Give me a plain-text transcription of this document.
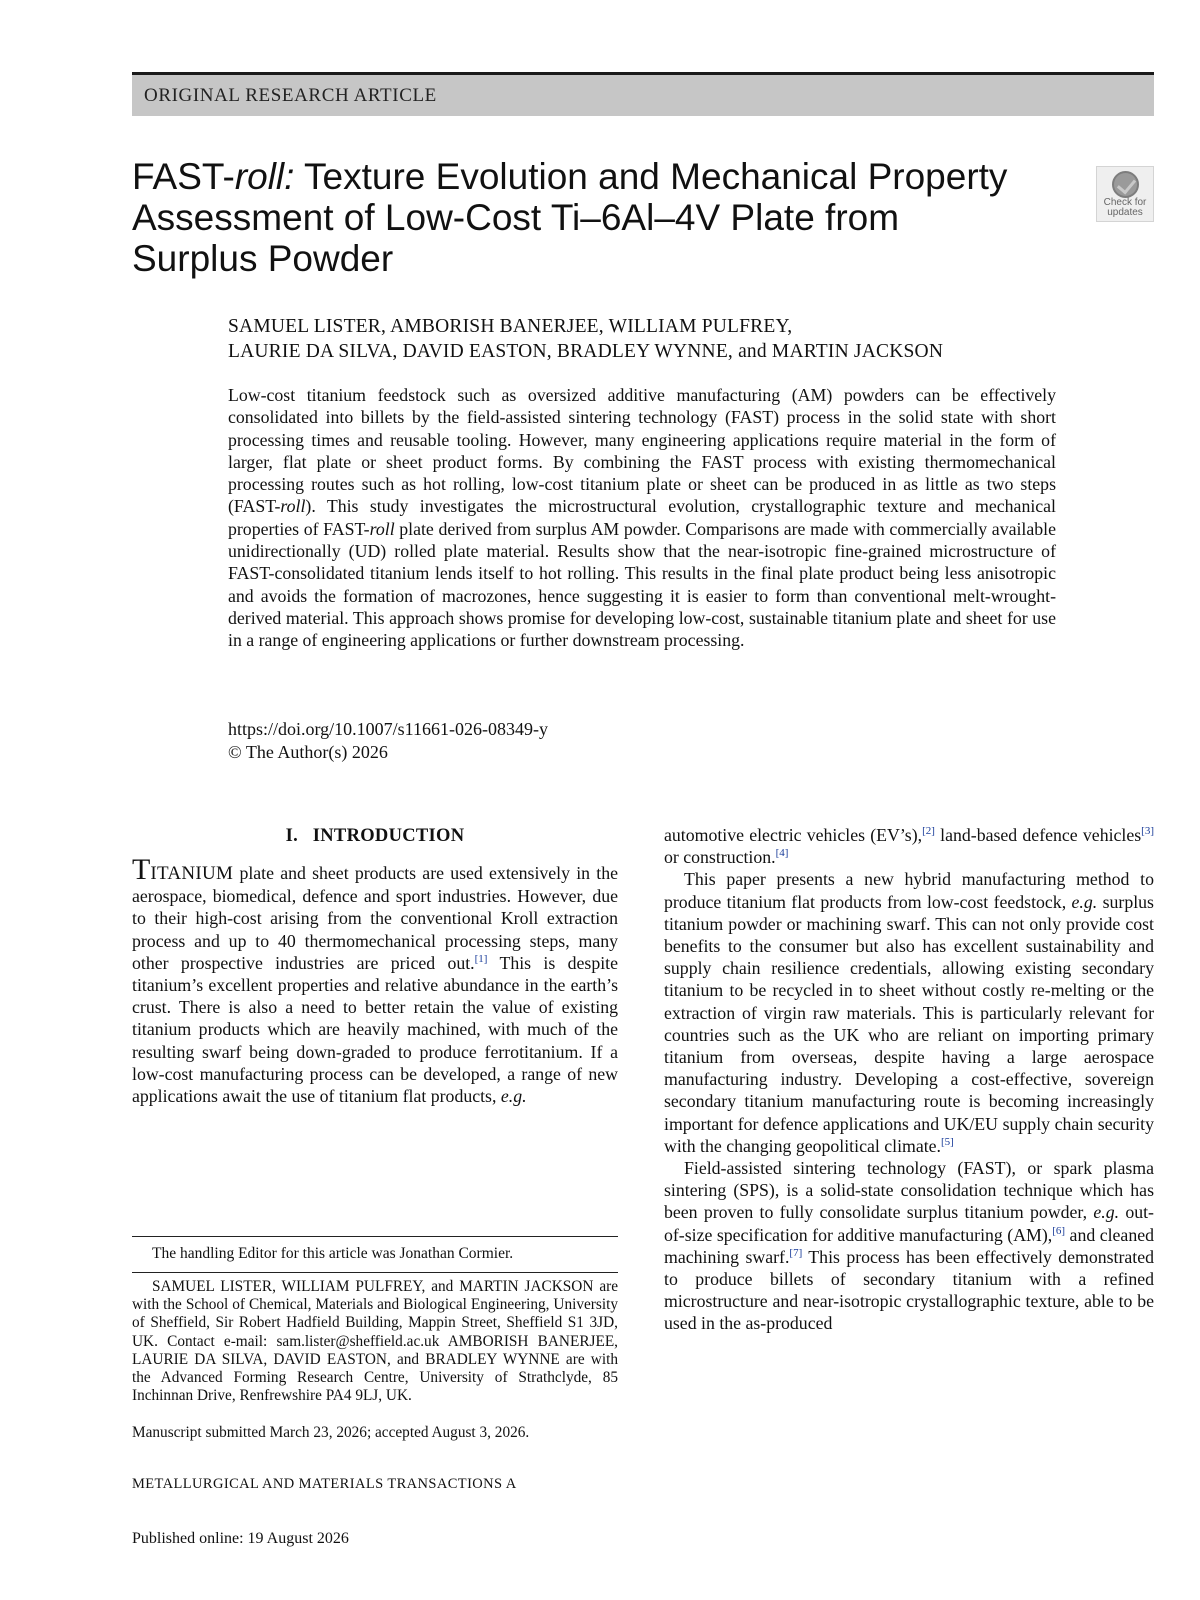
ORIGINAL RESEARCH ARTICLE
FAST-roll: Texture Evolution and Mechanical Property Assessment of Low-Cost Ti–6Al–4V Plate from Surplus Powder
Check for
updates
SAMUEL LISTER, AMBORISH BANERJEE, WILLIAM PULFREY,
LAURIE DA SILVA, DAVID EASTON, BRADLEY WYNNE, and MARTIN JACKSON

Low-cost titanium feedstock such as oversized additive manufacturing (AM) powders can be effectively consolidated into billets by the field-assisted sintering technology (FAST) process in the solid state with short processing times and reusable tooling. However, many engineering applications require material in the form of larger, flat plate or sheet product forms. By combining the FAST process with existing thermomechanical processing routes such as hot rolling, low-cost titanium plate or sheet can be produced in as little as two steps (FAST-roll). This study investigates the microstructural evolution, crystallographic texture and mechanical properties of FAST-roll plate derived from surplus AM powder. Comparisons are made with commercially available unidirectionally (UD) rolled plate material. Results show that the near-isotropic fine-grained microstructure of FAST-consolidated titanium lends itself to hot rolling. This results in the final plate product being less anisotropic and avoids the formation of macrozones, hence suggesting it is easier to form than conventional melt-wrought-derived material. This approach shows promise for developing low-cost, sustainable titanium plate and sheet for use in a range of engineering applications or further downstream processing.

https://doi.org/10.1007/s11661-026-08349-y
© The Author(s) 2026
I.   INTRODUCTION

TITANIUM plate and sheet products are used extensively in the aerospace, biomedical, defence and sport industries. However, due to their high-cost arising from the conventional Kroll extraction process and up to 40 thermomechanical processing steps, many other prospective industries are priced out.[1] This is despite titanium’s excellent properties and relative abundance in the earth’s crust. There is also a need to better retain the value of existing titanium products which are heavily machined, with much of the resulting swarf being down-graded to produce ferrotitanium. If a low-cost manufacturing process can be developed, a range of new applications await the use of titanium flat products, e.g.

automotive electric vehicles (EV’s),[2] land-based defence vehicles[3] or construction.[4]

This paper presents a new hybrid manufacturing method to produce titanium flat products from low-cost feedstock, e.g. surplus titanium powder or machining swarf. This can not only provide cost benefits to the consumer but also has excellent sustainability and supply chain resilience credentials, allowing existing secondary titanium to be recycled in to sheet without costly re-melting or the extraction of virgin raw materials. This is particularly relevant for countries such as the UK who are reliant on importing primary titanium from overseas, despite having a large aerospace manufacturing industry. Developing a cost-effective, sovereign secondary titanium manufacturing route is becoming increasingly important for defence applications and UK/EU supply chain security with the changing geopolitical climate.[5]

Field-assisted sintering technology (FAST), or spark plasma sintering (SPS), is a solid-state consolidation technique which has been proven to fully consolidate surplus titanium powder, e.g. out-of-size specification for additive manufacturing (AM),[6] and cleaned machining swarf.[7] This process has been effectively demonstrated to produce billets of secondary titanium with a refined microstructure and near-isotropic crystallographic texture, able to be used in the as-produced

The handling Editor for this article was Jonathan Cormier.

SAMUEL LISTER, WILLIAM PULFREY, and MARTIN JACKSON are with the School of Chemical, Materials and Biological Engineering, University of Sheffield, Sir Robert Hadfield Building, Mappin Street, Sheffield S1 3JD, UK. Contact e-mail: sam.lister@sheffield.ac.uk AMBORISH BANERJEE, LAURIE DA SILVA, DAVID EASTON, and BRADLEY WYNNE are with the Advanced Forming Research Centre, University of Strathclyde, 85 Inchinnan Drive, Renfrewshire PA4 9LJ, UK.

Manuscript submitted March 23, 2026; accepted August 3, 2026.
METALLURGICAL AND MATERIALS TRANSACTIONS A
Published online: 19 August 2026
